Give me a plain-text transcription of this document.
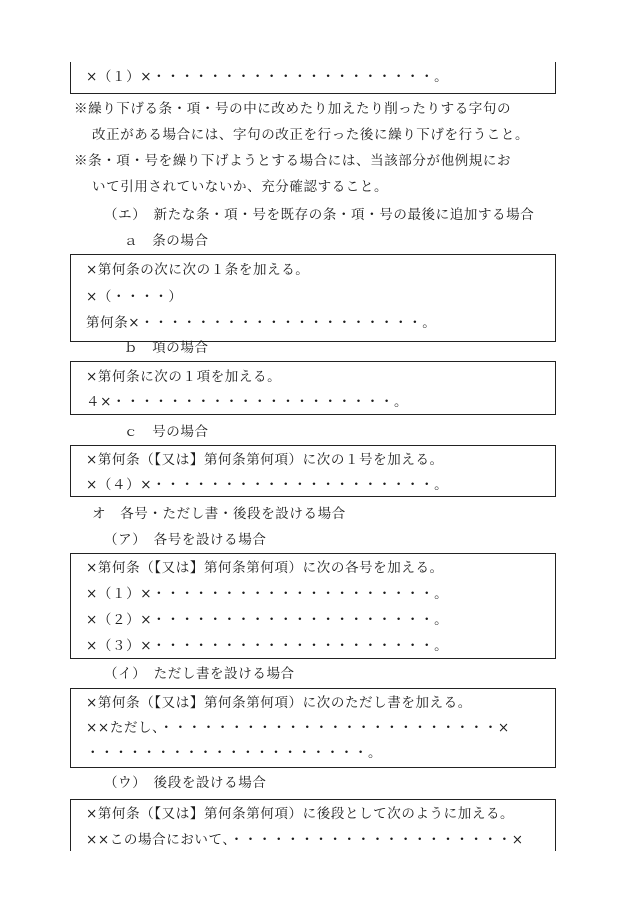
×（１）×・・・・・・・・・・・・・・・・・・・・。
※繰り下げる条・項・号の中に改めたり加えたり削ったりする字句の
改正がある場合には、字句の改正を行った後に繰り下げを行うこと。
※条・項・号を繰り下げようとする場合には、当該部分が他例規にお
いて引用されていないか、充分確認すること。
（エ）　新たな条・項・号を既存の条・項・号の最後に追加する場合
ａ　条の場合
×第何条の次に次の１条を加える。
×（・・・・）
第何条×・・・・・・・・・・・・・・・・・・・・。
ｂ　項の場合
×第何条に次の１項を加える。
４×・・・・・・・・・・・・・・・・・・・・。
ｃ　号の場合
×第何条（【又は】第何条第何項）に次の１号を加える。
×（４）×・・・・・・・・・・・・・・・・・・・・。
オ　各号・ただし書・後段を設ける場合
（ア）　各号を設ける場合
×第何条（【又は】第何条第何項）に次の各号を加える。
×（１）×・・・・・・・・・・・・・・・・・・・・。
×（２）×・・・・・・・・・・・・・・・・・・・・。
×（３）×・・・・・・・・・・・・・・・・・・・・。
（イ）　ただし書を設ける場合
×第何条（【又は】第何条第何項）に次のただし書を加える。
××ただし、・・・・・・・・・・・・・・・・・・・・・・・・×
・・・・・・・・・・・・・・・・・・・・。
（ウ）　後段を設ける場合
×第何条（【又は】第何条第何項）に後段として次のように加える。
××この場合において、・・・・・・・・・・・・・・・・・・・・×
